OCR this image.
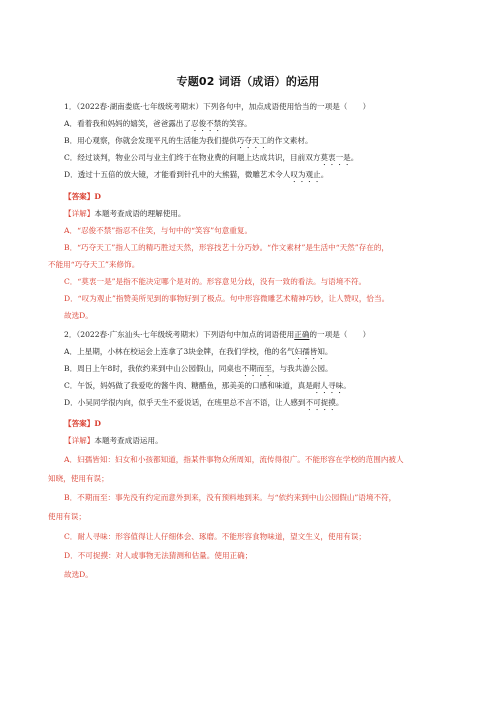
专题02 词语（成语）的运用
1．（2022春·湖南娄底·七年级统考期末）下列各句中，加点成语使用恰当的一项是（　　）
A．看着我和妈妈的嬉笑，爸爸露出了忍俊不禁的笑容。
B．用心观察，你就会发现平凡的生活能为我们提供巧夺天工的作文素材。
C．经过谈判，物业公司与业主们终于在物业费的问题上达成共识，目前双方莫衷一是。
D．透过十五倍的放大镜，才能看到针孔中的大熊猫，微雕艺术令人叹为观止。
【答案】D
【详解】本题考查成语的理解使用。
A．“忍俊不禁”指忍不住笑，与句中的“笑容”句意重复。
B．“巧夺天工”指人工的精巧胜过天然，形容技艺十分巧妙。“作文素材”是生活中“天然”存在的，
不能用“巧夺天工”来修饰。
C．“莫衷一是”是指不能决定哪个是对的。形容意见分歧，没有一致的看法。与语境不符。
D．“叹为观止”指赞美所见到的事物好到了极点。句中形容微雕艺术精神巧妙，让人赞叹，恰当。
故选D。
2．（2022春·广东汕头·七年级统考期末）下列语句中加点的词语使用正确的一项是（　　）
A．上星期，小林在校运会上连拿了3块金牌，在我们学校，他的名气妇孺皆知。
B．周日上午8时，我依约来到中山公园假山，同桌也不期而至，与我共游公园。
C．午饭，妈妈做了我爱吃的酱牛肉、糖醋鱼，那美美的口感和味道，真是耐人寻味。
D．小吴同学很内向，似乎天生不爱说话，在班里总不言不语，让人感到不可捉摸。
【答案】D
【详解】本题考查成语运用。
A．妇孺皆知：妇女和小孩都知道，指某件事物众所周知，流传得很广。不能形容在学校的范围内被人
知晓，使用有误；
B．不期而至：事先没有约定而意外到来，没有预料地到来。与“依约来到中山公园假山”语境不符，
使用有误；
C．耐人寻味：形容值得让人仔细体会、琢磨。不能形容食物味道，望文生义，使用有误；
D．不可捉摸：对人或事物无法猜测和估量。使用正确；
故选D。
